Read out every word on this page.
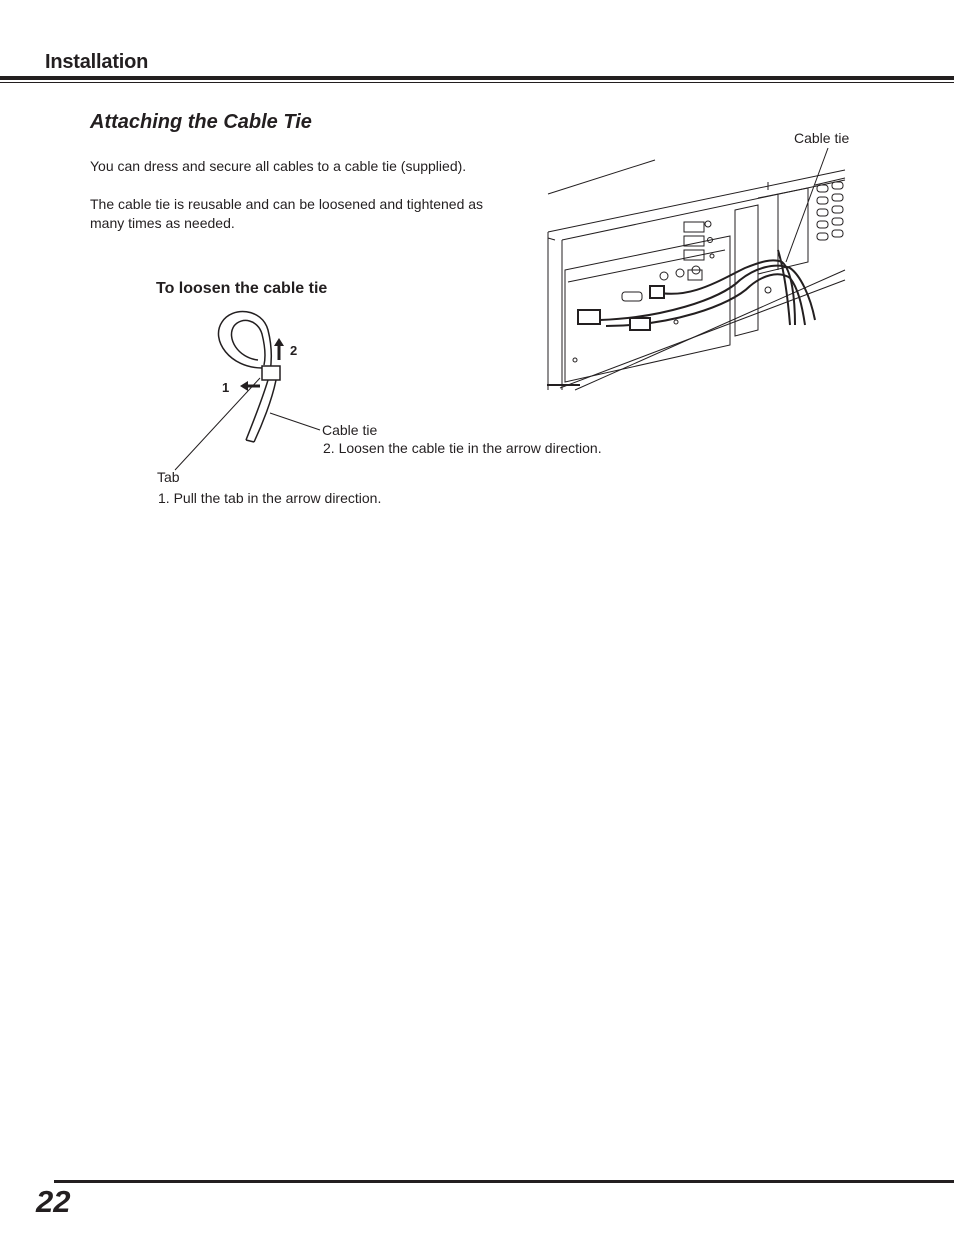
Installation
Attaching the Cable Tie
You can dress and secure all cables to a cable tie (supplied).
The cable tie is reusable and can be loosened and tightened as many times as needed.
To loosen the cable tie
Cable tie
1
2
Cable tie
2. Loosen the cable tie in the arrow direction.
Tab
1. Pull the tab in the arrow direction.
22
